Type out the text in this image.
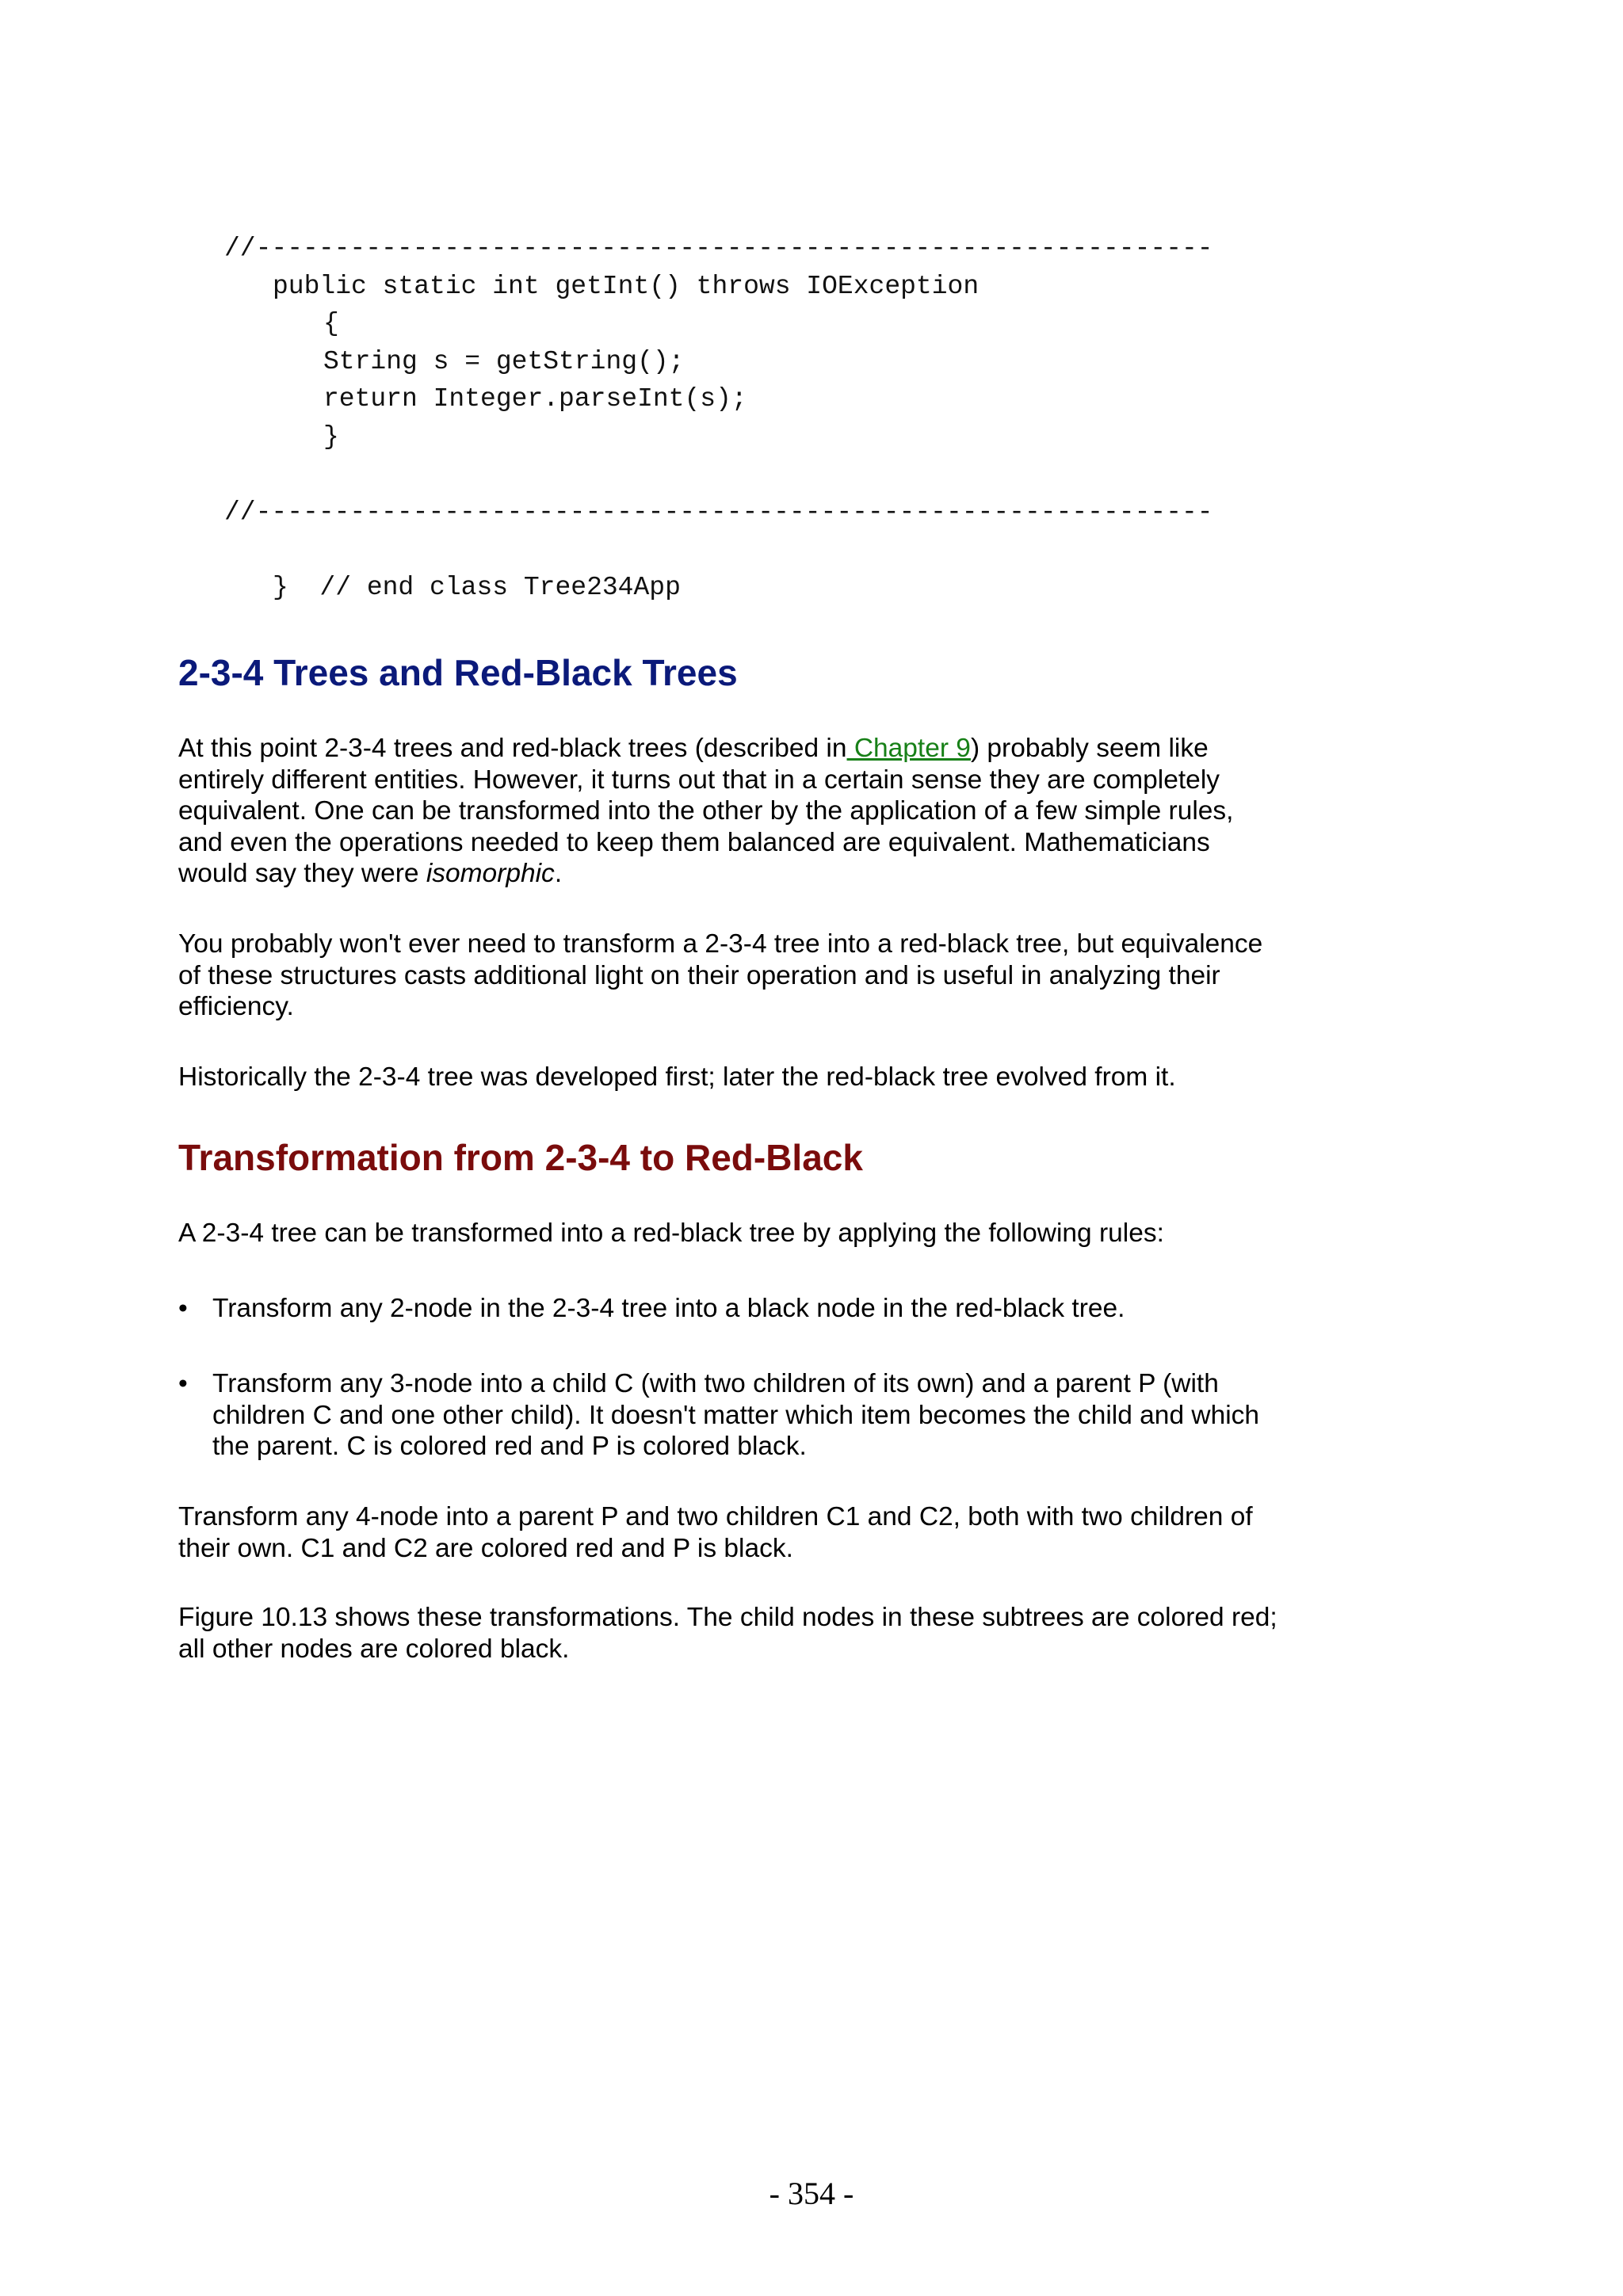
//-------------------------------------------------------------

public static int getInt() throws IOException

{

String s = getString();

return Integer.parseInt(s);

}

//-------------------------------------------------------------

}  // end class Tree234App

2-3-4 Trees and Red-Black Trees

At this point 2-3-4 trees and red-black trees (described in Chapter 9) probably seem like entirely different entities. However, it turns out that in a certain sense they are completely equivalent. One can be transformed into the other by the application of a few simple rules, and even the operations needed to keep them balanced are equivalent. Mathematicians would say they were isomorphic.

You probably won't ever need to transform a 2-3-4 tree into a red-black tree, but equivalence of these structures casts additional light on their operation and is useful in analyzing their efficiency.

Historically the 2-3-4 tree was developed first; later the red-black tree evolved from it.

Transformation from 2-3-4 to Red-Black

A 2-3-4 tree can be transformed into a red-black tree by applying the following rules:

• Transform any 2-node in the 2-3-4 tree into a black node in the red-black tree.
• Transform any 3-node into a child C (with two children of its own) and a parent P (with children C and one other child). It doesn't matter which item becomes the child and which the parent. C is colored red and P is colored black.

Transform any 4-node into a parent P and two children C1 and C2, both with two children of their own. C1 and C2 are colored red and P is black.

Figure 10.13 shows these transformations. The child nodes in these subtrees are colored red; all other nodes are colored black.

- 354 -
